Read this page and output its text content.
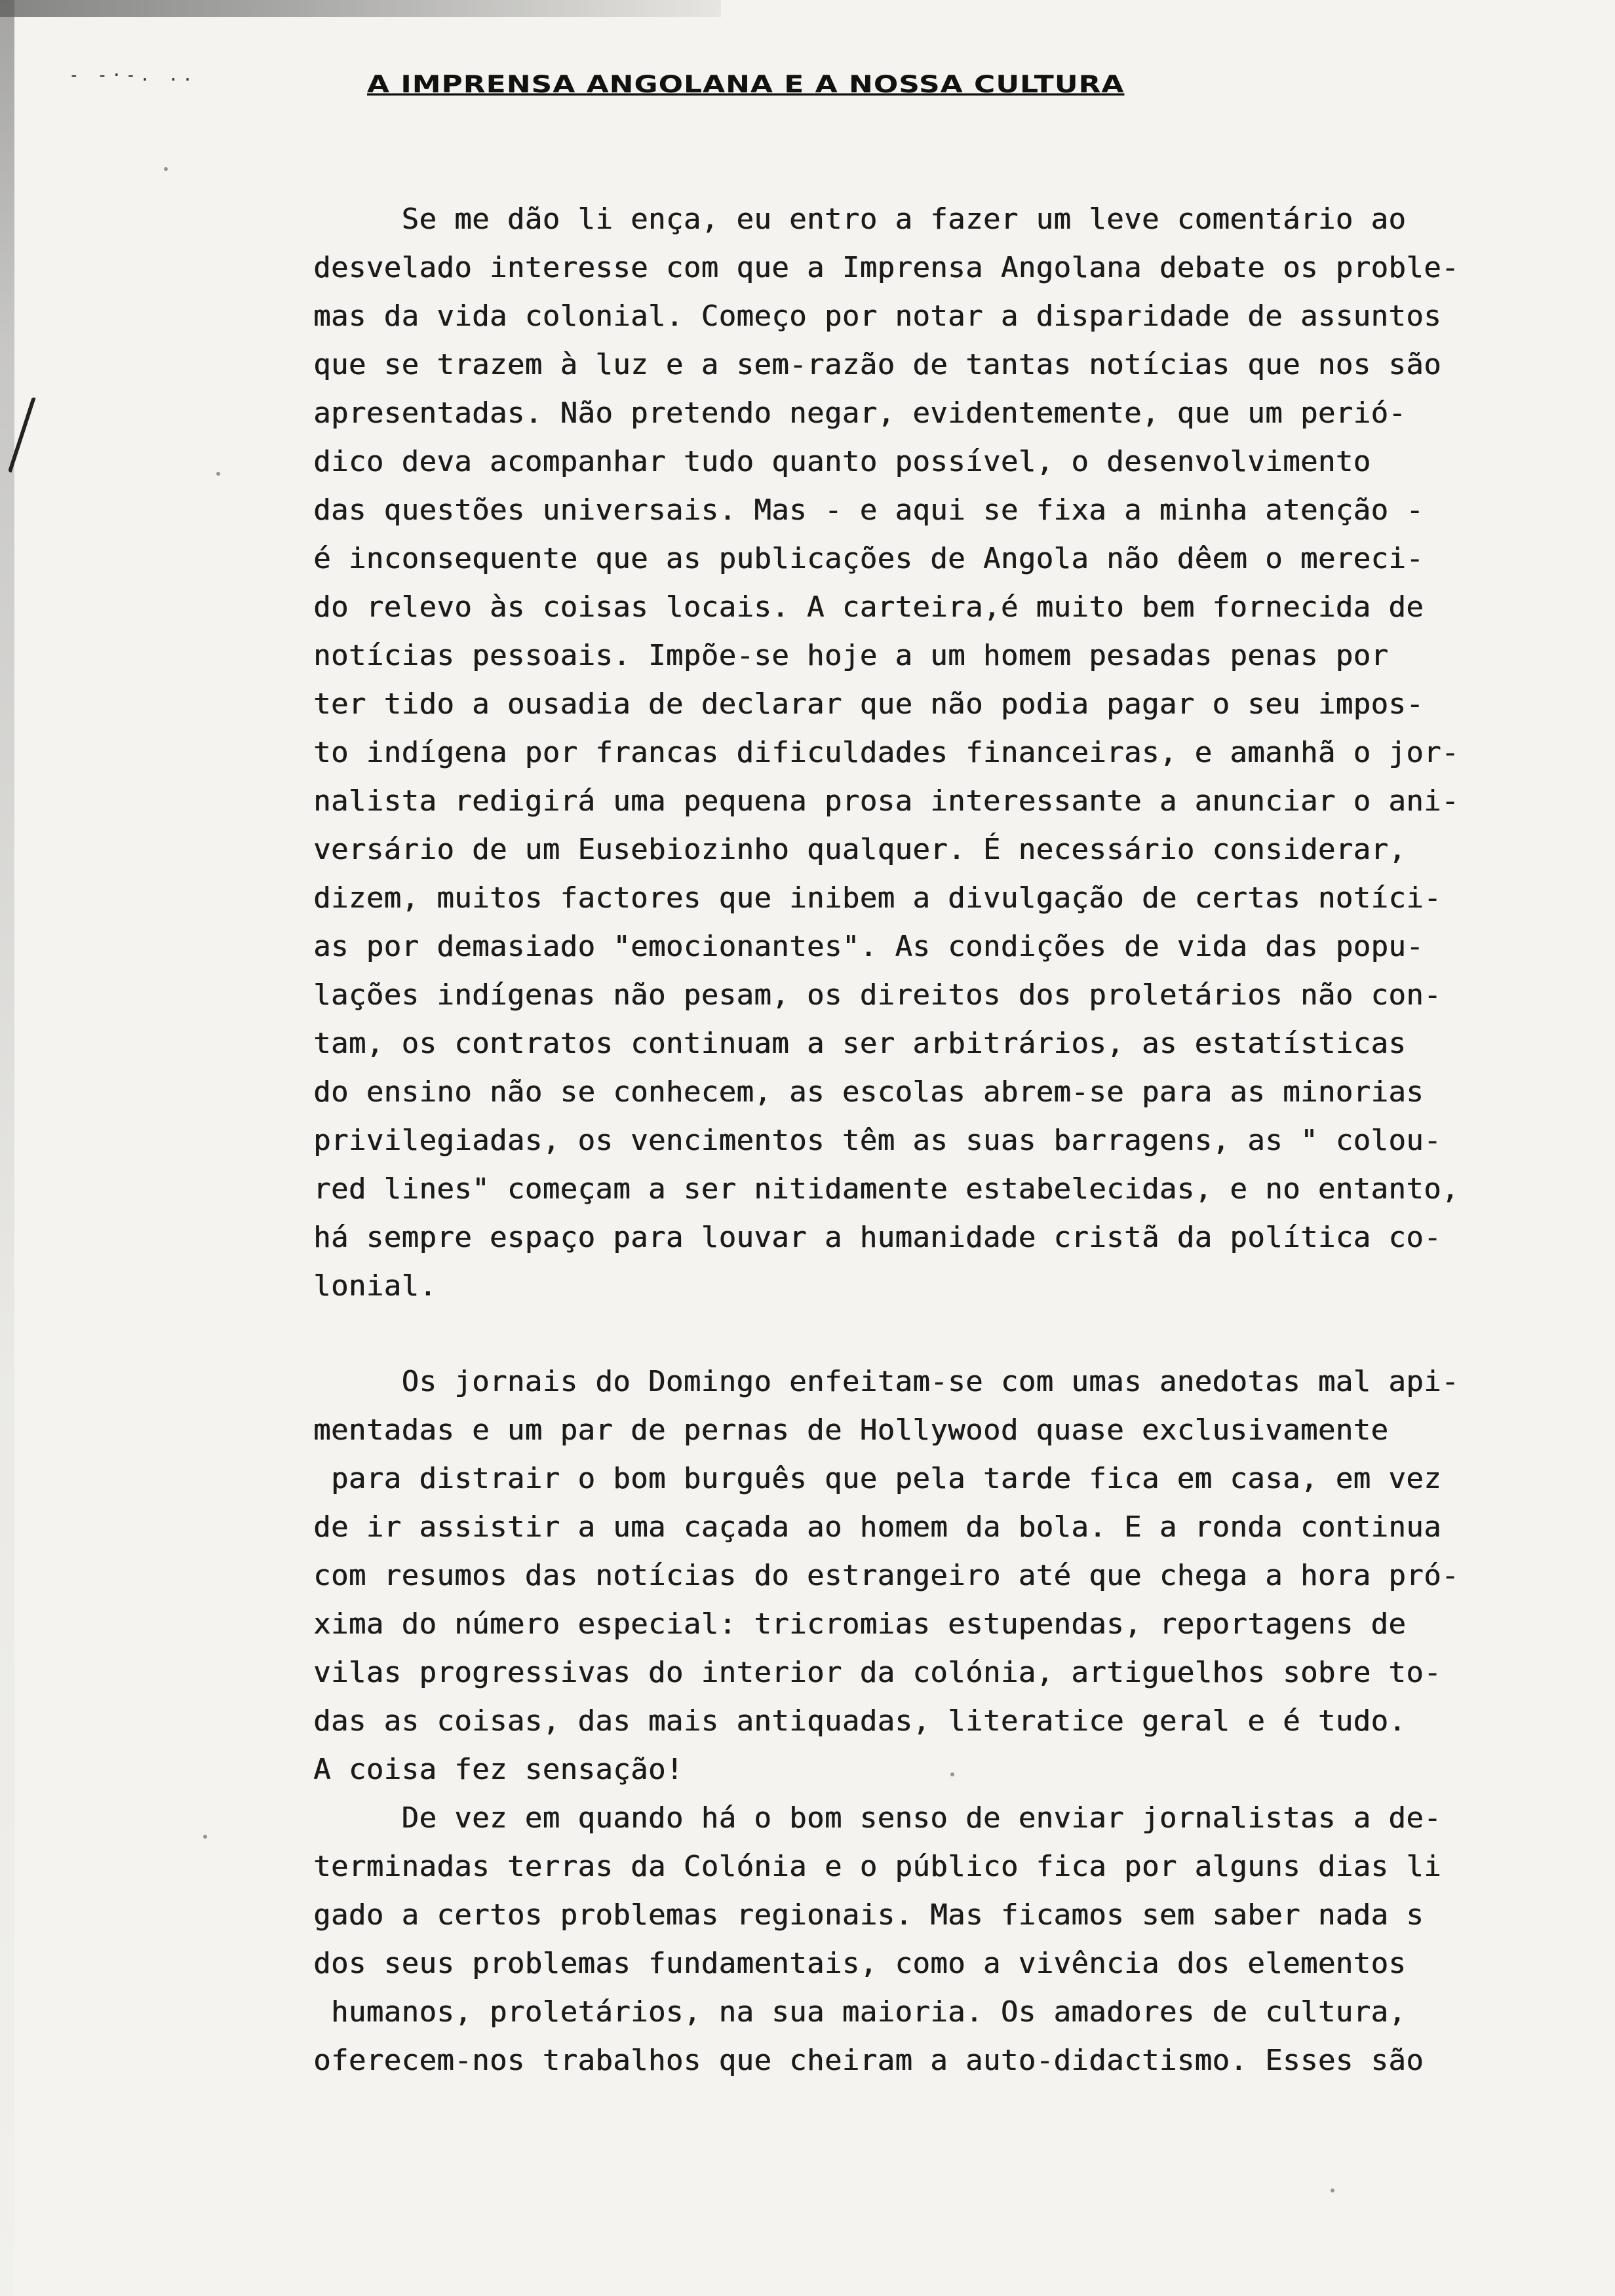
- -·-. ..	A IMPRENSA ANGOLANA E A NOSSA CULTURA
Se me dão li ença, eu entro a fazer um leve comentário ao
desvelado interesse com que a Imprensa Angolana debate os proble-
mas da vida colonial. Começo por notar a disparidade de assuntos
que se trazem à luz e a sem-razão de tantas notícias que nos são
apresentadas. Não pretendo negar, evidentemente, que um perió-
dico deva acompanhar tudo quanto possível, o desenvolvimento
das questões universais. Mas - e aqui se fixa a minha atenção -
é inconsequente que as publicações de Angola não dêem o mereci-
do relevo às coisas locais. A carteira,é muito bem fornecida de
notícias pessoais. Impõe-se hoje a um homem pesadas penas por
ter tido a ousadia de declarar que não podia pagar o seu impos-
to indígena por francas dificuldades financeiras, e amanhã o jor-
nalista redigirá uma pequena prosa interessante a anunciar o ani-
versário de um Eusebiozinho qualquer. É necessário considerar,
dizem, muitos factores que inibem a divulgação de certas notíci-
as por demasiado "emocionantes". As condições de vida das popu-
lações indígenas não pesam, os direitos dos proletários não con-
tam, os contratos continuam a ser arbitrários, as estatísticas
do ensino não se conhecem, as escolas abrem-se para as minorias
privilegiadas, os vencimentos têm as suas barragens, as " colou-
red lines" começam a ser nitidamente estabelecidas, e no entanto,
há sempre espaço para louvar a humanidade cristã da política co-
lonial.
Os jornais do Domingo enfeitam-se com umas anedotas mal api-
mentadas e um par de pernas de Hollywood quase exclusivamente
para distrair o bom burguês que pela tarde fica em casa, em vez
de ir assistir a uma caçada ao homem da bola. E a ronda continua
com resumos das notícias do estrangeiro até que chega a hora pró-
xima do número especial: tricromias estupendas, reportagens de
vilas progressivas do interior da colónia, artiguelhos sobre to-
das as coisas, das mais antiquadas, literatice geral e é tudo.
A coisa fez sensação!
De vez em quando há o bom senso de enviar jornalistas a de-
terminadas terras da Colónia e o público fica por alguns dias li
gado a certos problemas regionais. Mas ficamos sem saber nada s
dos seus problemas fundamentais, como a vivência dos elementos
humanos, proletários, na sua maioria. Os amadores de cultura,
oferecem-nos trabalhos que cheiram a auto-didactismo. Esses são
